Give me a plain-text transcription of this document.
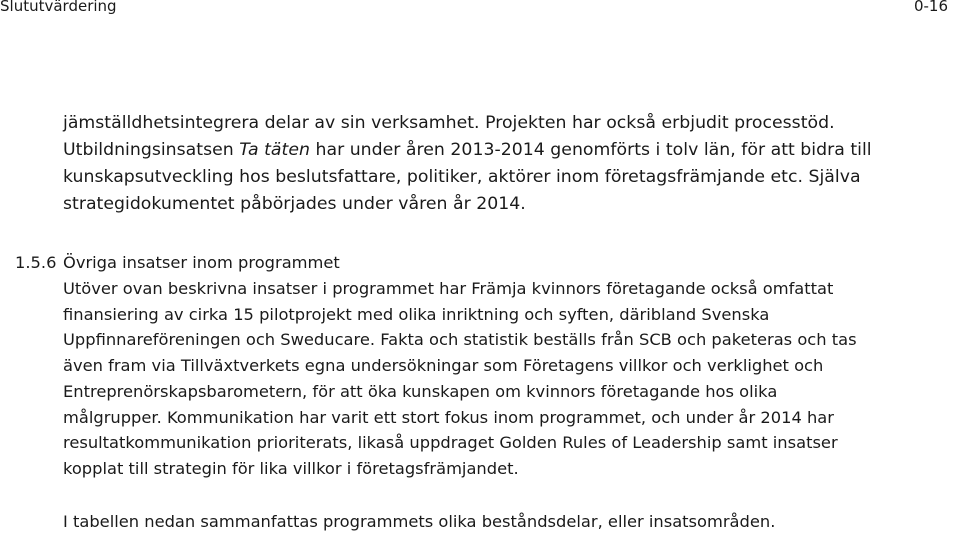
Slututvärdering	0-16
jämställdhetsintegrera delar av sin verksamhet. Projekten har också erbjudit processtöd.
Utbildningsinsatsen Ta täten har under åren 2013-2014 genomförts i tolv län, för att bidra till
kunskapsutveckling hos beslutsfattare, politiker, aktörer inom företagsfrämjande etc. Själva
strategidokumentet påbörjades under våren år 2014.
1.5.6 Övriga insatser inom programmet
Utöver ovan beskrivna insatser i programmet har Främja kvinnors företagande också omfattat
finansiering av cirka 15 pilotprojekt med olika inriktning och syften, däribland Svenska
Uppfinnareföreningen och Sweducare. Fakta och statistik beställs från SCB och paketeras och tas
även fram via Tillväxtverkets egna undersökningar som Företagens villkor och verklighet och
Entreprenörskapsbarometern, för att öka kunskapen om kvinnors företagande hos olika
målgrupper. Kommunikation har varit ett stort fokus inom programmet, och under år 2014 har
resultatkommunikation prioriterats, likaså uppdraget Golden Rules of Leadership samt insatser
kopplat till strategin för lika villkor i företagsfrämjandet.
I tabellen nedan sammanfattas programmets olika beståndsdelar, eller insatsområden.
